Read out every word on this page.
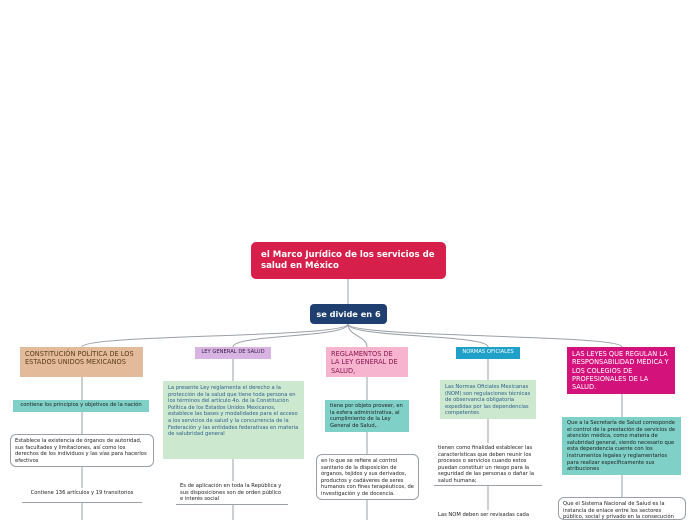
el Marco Jurídico de los servicios de salud en México
se divide en 6
CONSTITUCIÓN POLÍTICA DE LOS ESTADOS UNIDOS MEXICANOS
contiene los principios y objetivos de la nación
Establece la existencia de órganos de autoridad, sus facultades y limitaciones, así como los derechos de los individuos y las vías para hacerlos efectivos
Contiene 136 artículos y 19 transitorios
LEY GENERAL DE SALUD
La presente Ley reglamenta el derecho a la protección de la salud que tiene toda persona en los términos del artículo 4o. de la Constitución Política de los Estados Unidos Mexicanos, establece las bases y modalidades para el acceso a los servicios de salud y la concurrencia de la Federación y las entidades federativas en materia de salubridad general
Es de aplicación en toda la República y sus disposiciones son de orden público e interés social
REGLAMENTOS DE LA LEY GENERAL DE SALUD,
tiene por objeto proveer, en la esfera administrativa, al cumplimiento de la Ley General de Salud,.
en lo que se refiere al control sanitario de la disposición de órganos, tejidos y sus derivados, productos y cadáveres de seres humanos con fines terapéuticos, de investigación y de docencia.
NORMAS OFICIALES
Las Normas Oficiales Mexicanas (NOM) son regulaciones técnicas de observancia obligatoria expedidas por las dependencias competentes
tienen como finalidad establecer las características que deben reunir los procesos o servicios cuando estos puedan constituir un riesgo para la seguridad de las personas o dañar la salud humana;
Las NOM deben ser revisadas cada
LAS LEYES QUE REGULAN LA RESPONSABILIDAD MÉDICA Y LOS COLEGIOS DE PROFESIONALES DE LA SALUD.
Que a la Secretaría de Salud corresponde el control de la prestación de servicios de atención médica, como materia de salubridad general, siendo necesario que esta dependencia cuente con los instrumentos legales y reglamentarios para realizar específicamente sus atribuciones
Que el Sistema Nacional de Salud es la instancia de enlace entre los sectores público, social y privado en la consecución
